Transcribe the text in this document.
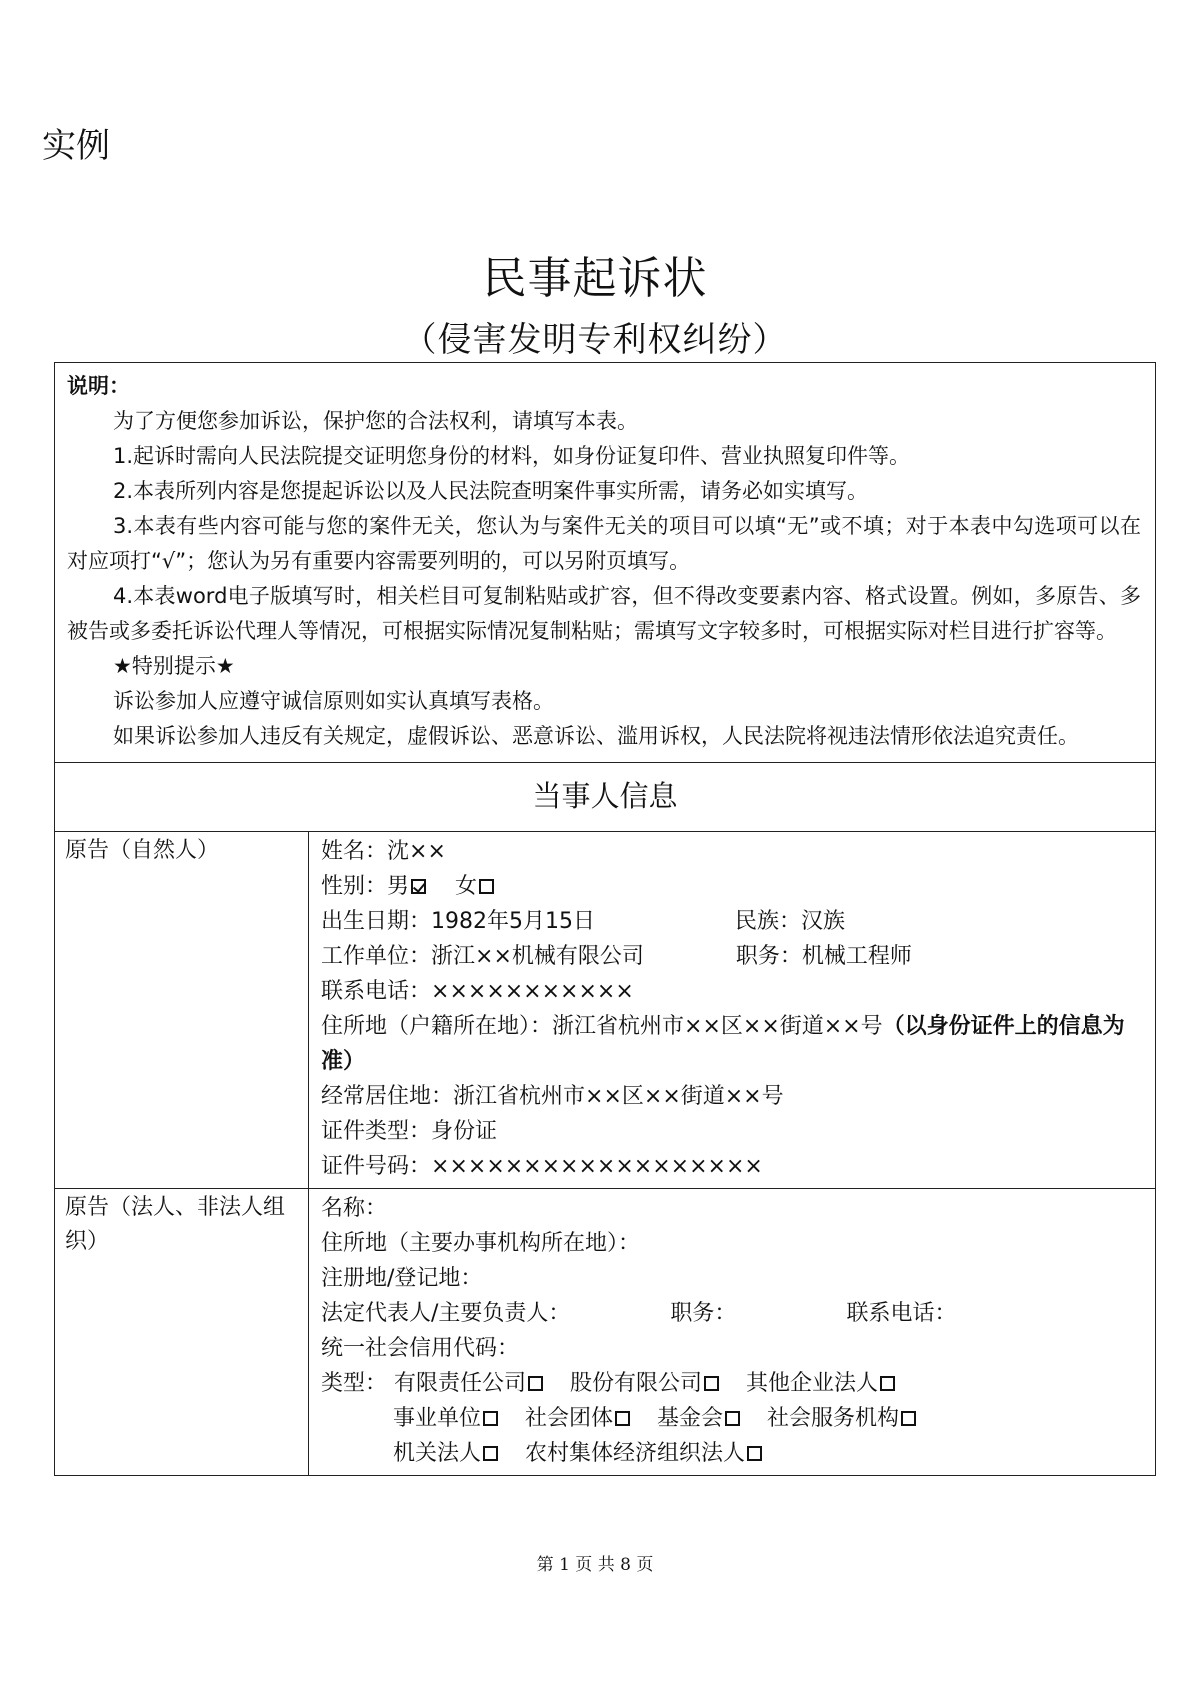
实例
民事起诉状
（侵害发明专利权纠纷）
说明：
为了方便您参加诉讼，保护您的合法权利，请填写本表。
1.起诉时需向人民法院提交证明您身份的材料，如身份证复印件、营业执照复印件等。
2.本表所列内容是您提起诉讼以及人民法院查明案件事实所需，请务必如实填写。
3.本表有些内容可能与您的案件无关，您认为与案件无关的项目可以填“无”或不填；对于本表中勾选项可以在对应项打“√”；您认为另有重要内容需要列明的，可以另附页填写。
4.本表word电子版填写时，相关栏目可复制粘贴或扩容，但不得改变要素内容、格式设置。例如，多原告、多被告或多委托诉讼代理人等情况，可根据实际情况复制粘贴；需填写文字较多时，可根据实际对栏目进行扩容等。
★特别提示★
诉讼参加人应遵守诚信原则如实认真填写表格。
如果诉讼参加人违反有关规定，虚假诉讼、恶意诉讼、滥用诉权，人民法院将视违法情形依法追究责任。
当事人信息
原告（自然人）	姓名：沈××
性别：男 女
出生日期：1982年5月15日	民族：汉族
工作单位：浙江××机械有限公司	职务：机械工程师
联系电话：×××××××××××
住所地（户籍所在地）：浙江省杭州市××区××街道××号（以身份证件上的信息为准）
经常居住地：浙江省杭州市××区××街道××号
证件类型：身份证
证件号码：××××××××××××××××××
原告（法人、非法人组织）
名称：
住所地（主要办事机构所在地）：
注册地/登记地：
法定代表人/主要负责人：	职务：	联系电话：
统一社会信用代码：
类型： 有限责任公司 股份有限公司 其他企业法人
事业单位 社会团体 基金会 社会服务机构
机关法人 农村集体经济组织法人
第 1 页 共 8 页
